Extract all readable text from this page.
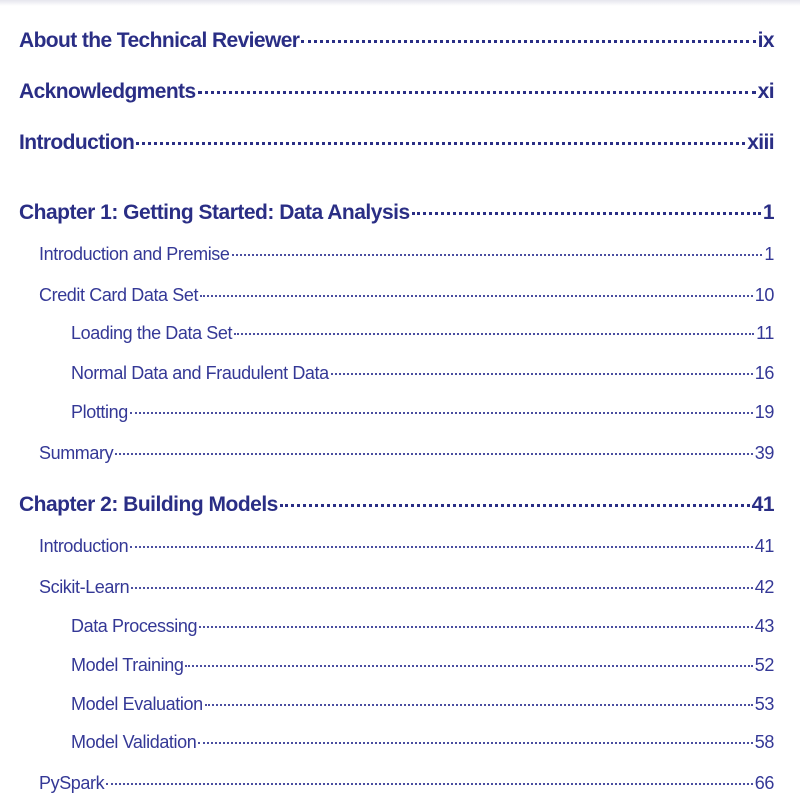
About the Technical Reviewer	ix
Acknowledgments	xi
Introduction	xiii
Chapter 1: Getting Started: Data Analysis	1
Introduction and Premise	1
Credit Card Data Set	10
Loading the Data Set	11
Normal Data and Fraudulent Data	16
Plotting	19
Summary	39
Chapter 2: Building Models	41
Introduction	41
Scikit-Learn	42
Data Processing	43
Model Training	52
Model Evaluation	53
Model Validation	58
PySpark	66
